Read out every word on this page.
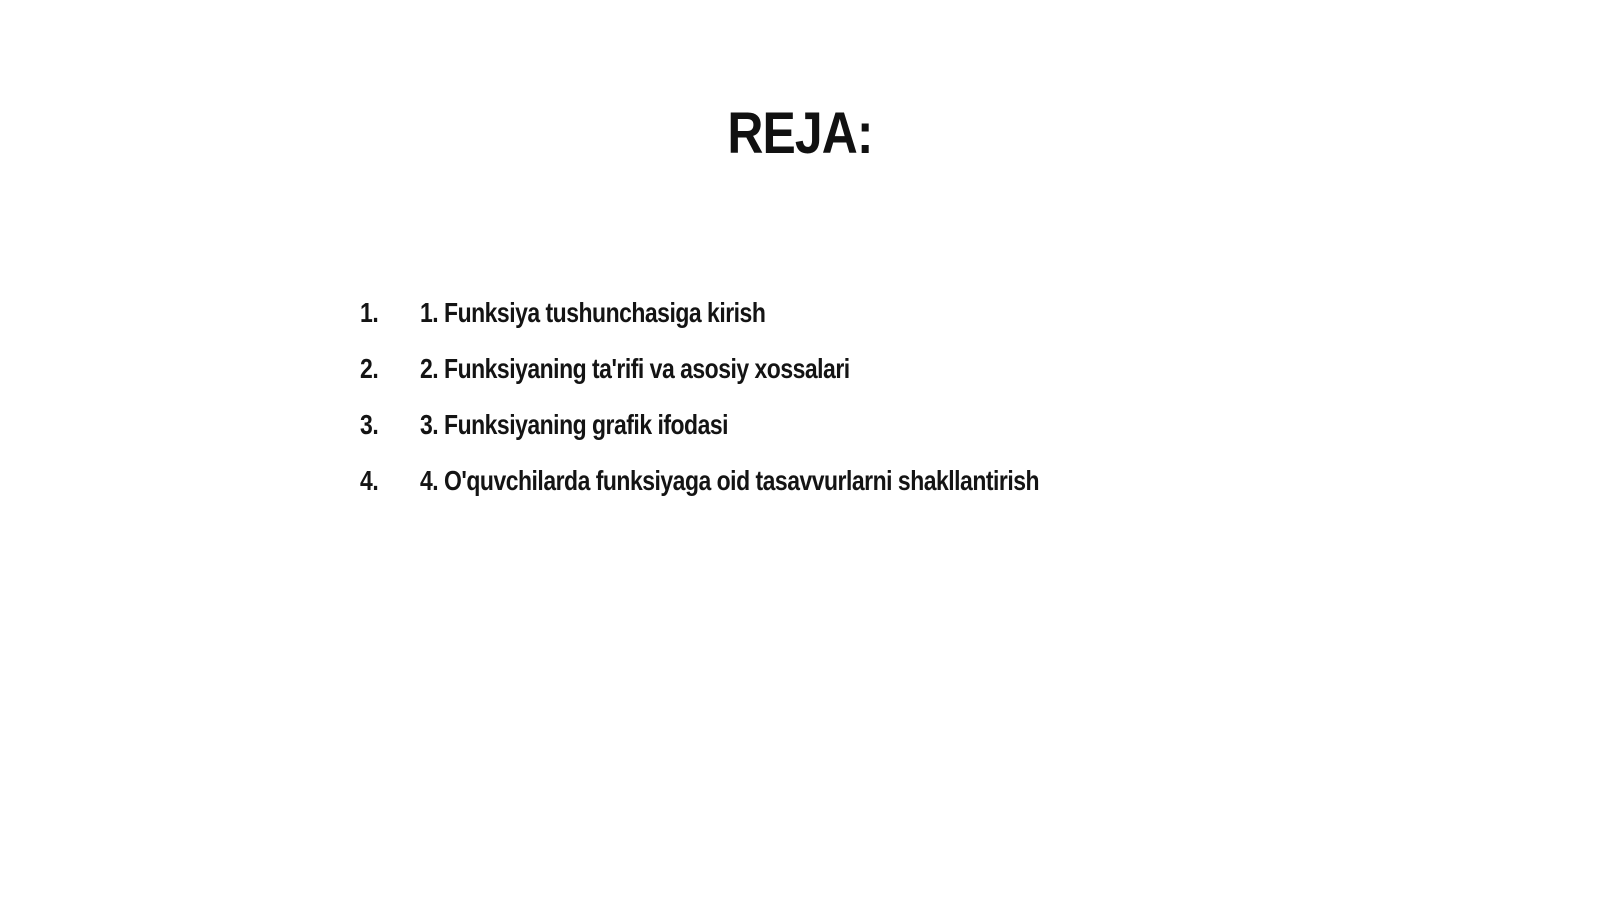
REJA:
1.	1. Funksiya tushunchasiga kirish
2.	2. Funksiyaning ta'rifi va asosiy xossalari
3.	3. Funksiyaning grafik ifodasi
4.	4. O'quvchilarda funksiyaga oid tasavvurlarni shakllantirish
